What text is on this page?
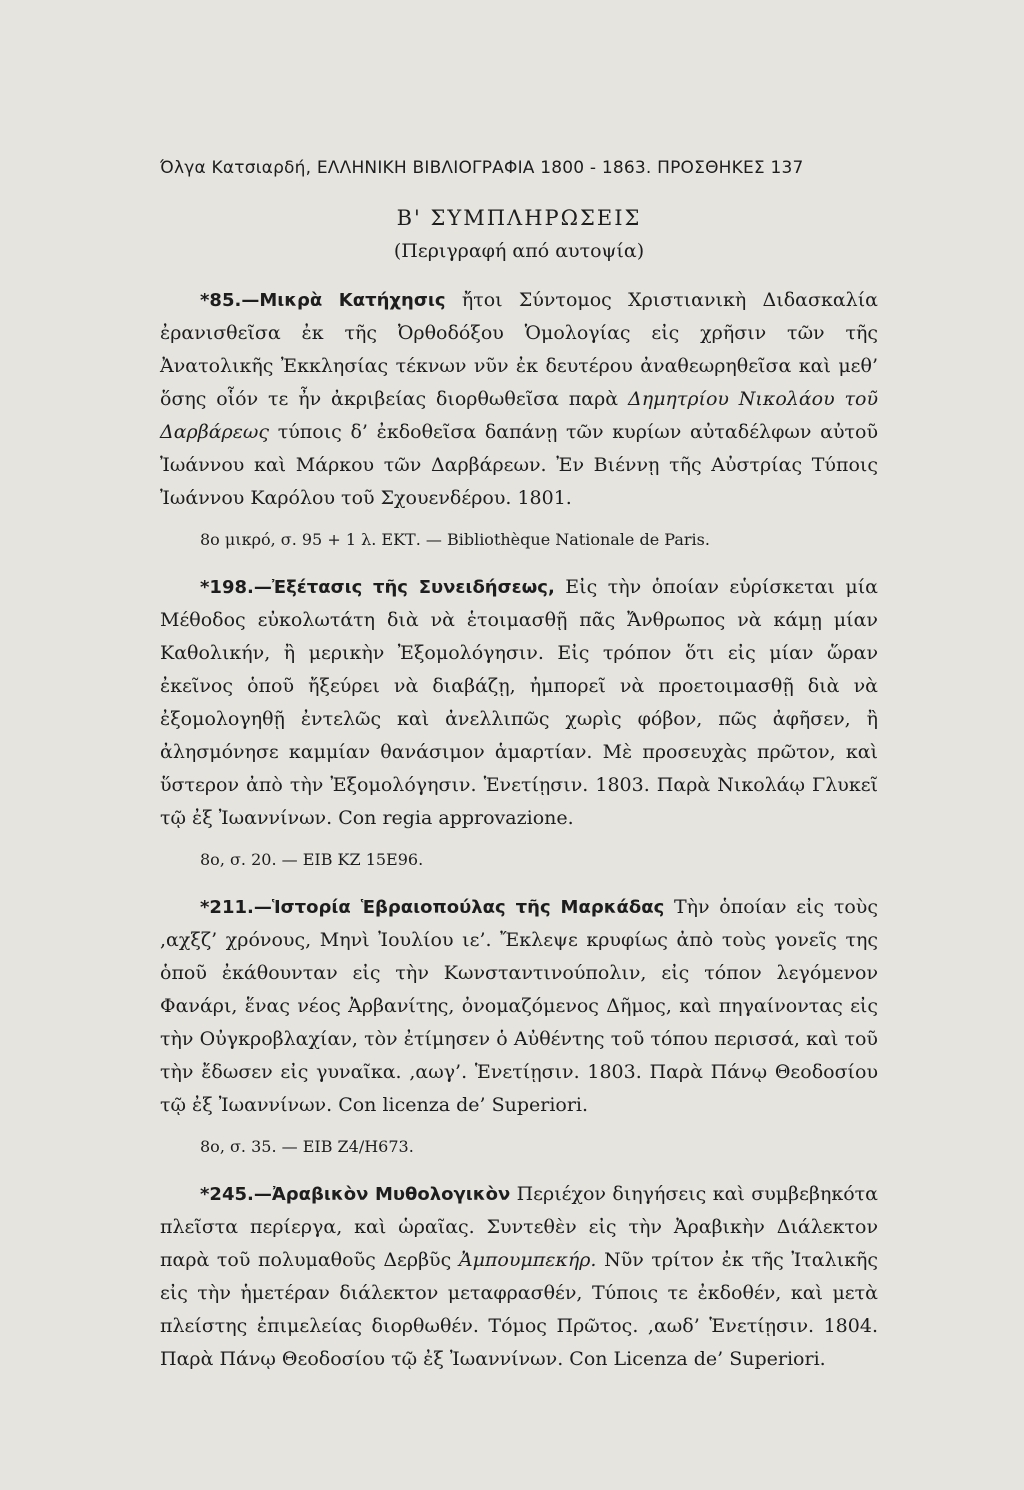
Όλγα Κατσιαρδή, ΕΛΛΗΝΙΚΗ ΒΙΒΛΙΟΓΡΑΦΙΑ 1800 - 1863. ΠΡΟΣΘΗΚΕΣ 137
Β' ΣΥΜΠΛΗΡΩΣΕΙΣ
(Περιγραφή από αυτοψία)

*85.—Μικρὰ Κατήχησις ἤτοι Σύντομος Χριστιανικὴ Διδασκαλία ἐρανισθεῖσα ἐκ τῆς Ὀρθοδόξου Ὁμολογίας εἰς χρῆσιν τῶν τῆς Ἀνατολικῆς Ἐκκλησίας τέκνων νῦν ἐκ δευτέρου ἀναθεωρηθεῖσα καὶ μεθ’ ὅσης οἷόν τε ἦν ἀκριβείας διορθωθεῖσα παρὰ Δημητρίου Νικολάου τοῦ Δαρβάρεως τύποις δ’ ἐκδοθεῖσα δαπάνῃ τῶν κυρίων αὐταδέλφων αὐτοῦ Ἰωάννου καὶ Μάρκου τῶν Δαρβάρεων. Ἐν Βιέννῃ τῆς Αὐστρίας Τύποις Ἰωάννου Καρόλου τοῦ Σχουενδέρου. 1801.

8ο μικρό, σ. 95 + 1 λ. ΕΚΤ. — Bibliothèque Nationale de Paris.

*198.—Ἐξέτασις τῆς Συνειδήσεως, Εἰς τὴν ὁποίαν εὑρίσκεται μία Μέθοδος εὐκολωτάτη διὰ νὰ ἑτοιμασθῇ πᾶς Ἄνθρωπος νὰ κάμῃ μίαν Καθολικήν, ἢ μερικὴν Ἐξομολόγησιν. Εἰς τρόπον ὅτι εἰς μίαν ὥραν ἐκεῖνος ὁποῦ ἤξεύρει νὰ διαβάζῃ, ἠμπορεῖ νὰ προετοιμασθῇ διὰ νὰ ἐξομολογηθῇ ἐντελῶς καὶ ἀνελλιπῶς χωρὶς φόβον, πῶς ἀφῆσεν, ἢ ἀλησμόνησε καμμίαν θανάσιμον ἁμαρτίαν. Μὲ προσευχὰς πρῶτον, καὶ ὕστερον ἀπὸ τὴν Ἐξομολόγησιν. Ἑνετίῃσιν. 1803. Παρὰ Νικολάῳ Γλυκεῖ τῷ ἐξ Ἰωαννίνων. Con regia approvazione.

8ο, σ. 20. — ΕΙΒ ΚΖ 15Ε96.

*211.—Ἱστορία Ἑβραιοπούλας τῆς Μαρκάδας Τὴν ὁποίαν εἰς τοὺς ,αχξζ’ χρόνους, Μηνὶ Ἰουλίου ιε’. Ἔκλεψε κρυφίως ἀπὸ τοὺς γονεῖς της ὁποῦ ἐκάθουνταν εἰς τὴν Κωνσταντινούπολιν, εἰς τόπον λεγόμενον Φανάρι, ἕνας νέος Ἀρβανίτης, ὀνομαζόμενος Δῆμος, καὶ πηγαίνοντας εἰς τὴν Οὐγκροβλαχίαν, τὸν ἐτίμησεν ὁ Αὐθέντης τοῦ τόπου περισσά, καὶ τοῦ τὴν ἔδωσεν εἰς γυναῖκα. ,αωγ’. Ἑνετίῃσιν. 1803. Παρὰ Πάνῳ Θεοδοσίου τῷ ἐξ Ἰωαννίνων. Con licenza de’ Superiori.

8ο, σ. 35. — ΕΙΒ Ζ4/Η673.

*245.—Ἀραβικὸν Μυθολογικὸν Περιέχον διηγήσεις καὶ συμβεβηκότα πλεῖστα περίεργα, καὶ ὡραῖας. Συντεθὲν εἰς τὴν Ἀραβικὴν Διάλεκτον παρὰ τοῦ πολυμαθοῦς Δερβῦς Ἀμπουμπεκήρ. Νῦν τρίτον ἐκ τῆς Ἰταλικῆς εἰς τὴν ἡμετέραν διάλεκτον μεταφρασθέν, Τύποις τε ἐκδοθέν, καὶ μετὰ πλείστης ἐπιμελείας διορθωθέν. Τόμος Πρῶτος. ,αωδ’ Ἑνετίῃσιν. 1804. Παρὰ Πάνῳ Θεοδοσίου τῷ ἐξ Ἰωαννίνων. Con Licenza de’ Superiori.
